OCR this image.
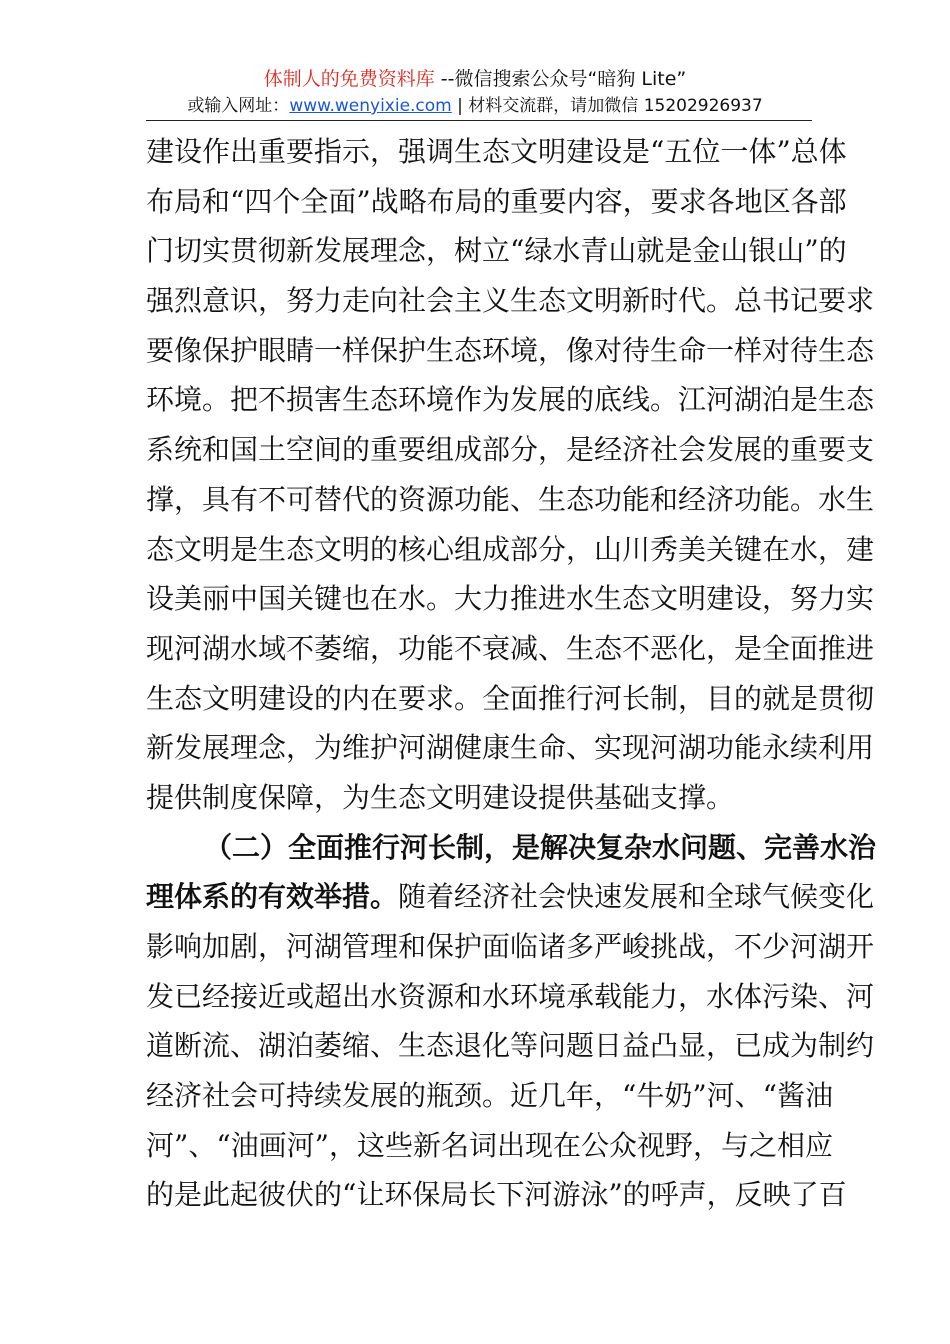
体制人的免费资料库 --微信搜索公众号“暗狗 Lite”
或输入网址：www.wenyixie.com | 材料交流群，请加微信 15202926937
建设作出重要指示，强调生态文明建设是“五位一体”总体
布局和“四个全面”战略布局的重要内容，要求各地区各部
门切实贯彻新发展理念，树立“绿水青山就是金山银山”的
强烈意识，努力走向社会主义生态文明新时代。总书记要求
要像保护眼睛一样保护生态环境，像对待生命一样对待生态
环境。把不损害生态环境作为发展的底线。江河湖泊是生态
系统和国土空间的重要组成部分，是经济社会发展的重要支
撑，具有不可替代的资源功能、生态功能和经济功能。水生
态文明是生态文明的核心组成部分，山川秀美关键在水，建
设美丽中国关键也在水。大力推进水生态文明建设，努力实
现河湖水域不萎缩，功能不衰减、生态不恶化，是全面推进
生态文明建设的内在要求。全面推行河长制，目的就是贯彻
新发展理念，为维护河湖健康生命、实现河湖功能永续利用
提供制度保障，为生态文明建设提供基础支撑。
（二）全面推行河长制，是解决复杂水问题、完善水治
理体系的有效举措。随着经济社会快速发展和全球气候变化
影响加剧，河湖管理和保护面临诸多严峻挑战，不少河湖开
发已经接近或超出水资源和水环境承载能力，水体污染、河
道断流、湖泊萎缩、生态退化等问题日益凸显，已成为制约
经济社会可持续发展的瓶颈。近几年，“牛奶”河、“酱油
河”、“油画河”，这些新名词出现在公众视野，与之相应
的是此起彼伏的“让环保局长下河游泳”的呼声，反映了百
